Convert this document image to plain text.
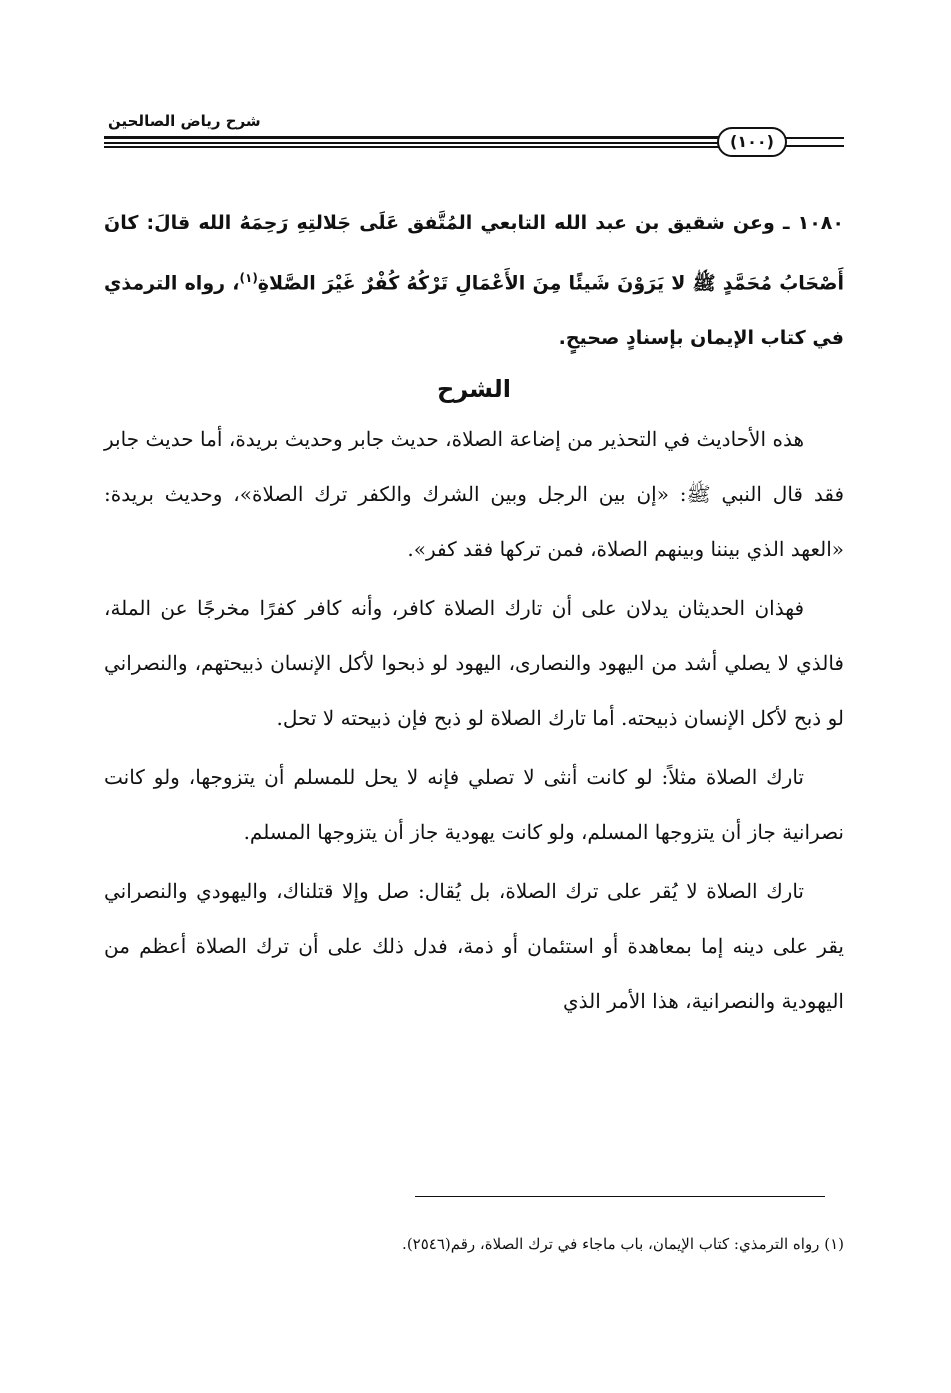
شرح رياض الصالحين
(١٠٠)

١٠٨٠ ـ وعن شقيق بن عبد الله التابعي المُتَّفق عَلَى جَلالتِهِ رَحِمَهُ الله قالَ: كانَ أَصْحَابُ مُحَمَّدٍ ﷺ لا يَرَوْنَ شَيئًا مِنَ الأَعْمَالِ تَرْكُهُ كُفْرٌ غَيْرَ الصَّلاةِ$^{(١)}$، رواه الترمذي في كتاب الإيمان بإسنادٍ صحيحٍ.

الشرح

هذه الأحاديث في التحذير من إضاعة الصلاة، حديث جابر وحديث بريدة، أما حديث جابر فقد قال النبي ﷺ: «إن بين الرجل وبين الشرك والكفر ترك الصلاة»، وحديث بريدة: «العهد الذي بيننا وبينهم الصلاة، فمن تركها فقد كفر».

فهذان الحديثان يدلان على أن تارك الصلاة كافر، وأنه كافر كفرًا مخرجًا عن الملة، فالذي لا يصلي أشد من اليهود والنصارى، اليهود لو ذبحوا لأكل الإنسان ذبيحتهم، والنصراني لو ذبح لأكل الإنسان ذبيحته. أما تارك الصلاة لو ذبح فإن ذبيحته لا تحل.

تارك الصلاة مثلاً: لو كانت أنثى لا تصلي فإنه لا يحل للمسلم أن يتزوجها، ولو كانت نصرانية جاز أن يتزوجها المسلم، ولو كانت يهودية جاز أن يتزوجها المسلم.

تارك الصلاة لا يُقر على ترك الصلاة، بل يُقال: صل وإلا قتلناك، واليهودي والنصراني يقر على دينه إما بمعاهدة أو استئمان أو ذمة، فدل ذلك على أن ترك الصلاة أعظم من اليهودية والنصرانية، هذا الأمر الذي

(١) رواه الترمذي: كتاب الإيمان، باب ماجاء في ترك الصلاة، رقم(٢٥٤٦).
